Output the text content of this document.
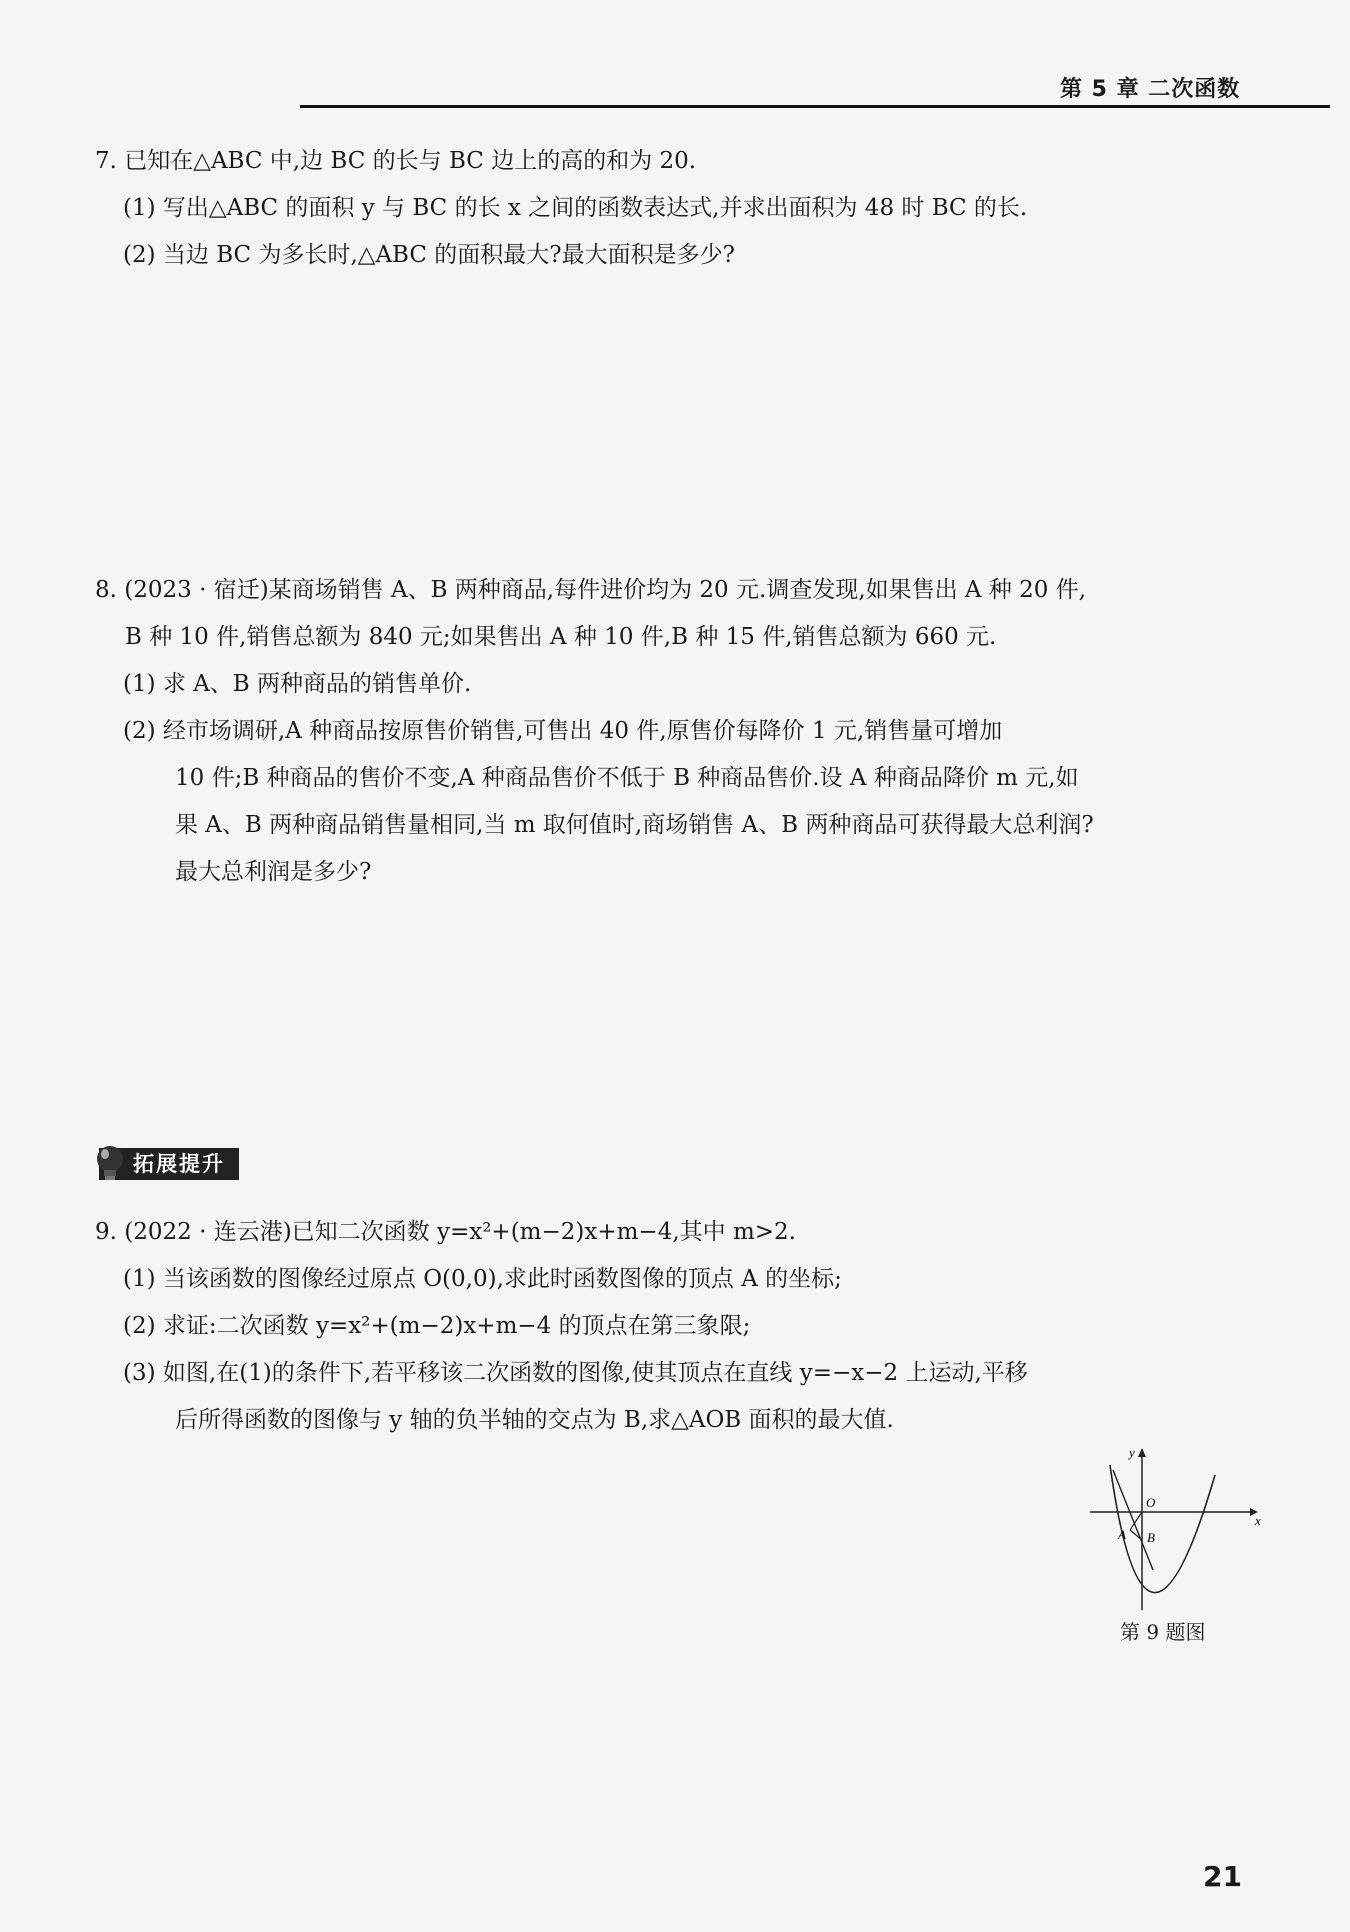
第 5 章 二次函数
7. 已知在△ABC 中,边 BC 的长与 BC 边上的高的和为 20.
(1) 写出△ABC 的面积 y 与 BC 的长 x 之间的函数表达式,并求出面积为 48 时 BC 的长.
(2) 当边 BC 为多长时,△ABC 的面积最大?最大面积是多少?
8. (2023 · 宿迁)某商场销售 A、B 两种商品,每件进价均为 20 元.调查发现,如果售出 A 种 20 件,
B 种 10 件,销售总额为 840 元;如果售出 A 种 10 件,B 种 15 件,销售总额为 660 元.
(1) 求 A、B 两种商品的销售单价.
(2) 经市场调研,A 种商品按原售价销售,可售出 40 件,原售价每降价 1 元,销售量可增加
10 件;B 种商品的售价不变,A 种商品售价不低于 B 种商品售价.设 A 种商品降价 m 元,如
果 A、B 两种商品销售量相同,当 m 取何值时,商场销售 A、B 两种商品可获得最大总利润?
最大总利润是多少?
拓展提升
9. (2022 · 连云港)已知二次函数 y=x²+(m−2)x+m−4,其中 m>2.
(1) 当该函数的图像经过原点 O(0,0),求此时函数图像的顶点 A 的坐标;
(2) 求证:二次函数 y=x²+(m−2)x+m−4 的顶点在第三象限;
(3) 如图,在(1)的条件下,若平移该二次函数的图像,使其顶点在直线 y=−x−2 上运动,平移
后所得函数的图像与 y 轴的负半轴的交点为 B,求△AOB 面积的最大值.
y
x
O
A B
第 9 题图
21
